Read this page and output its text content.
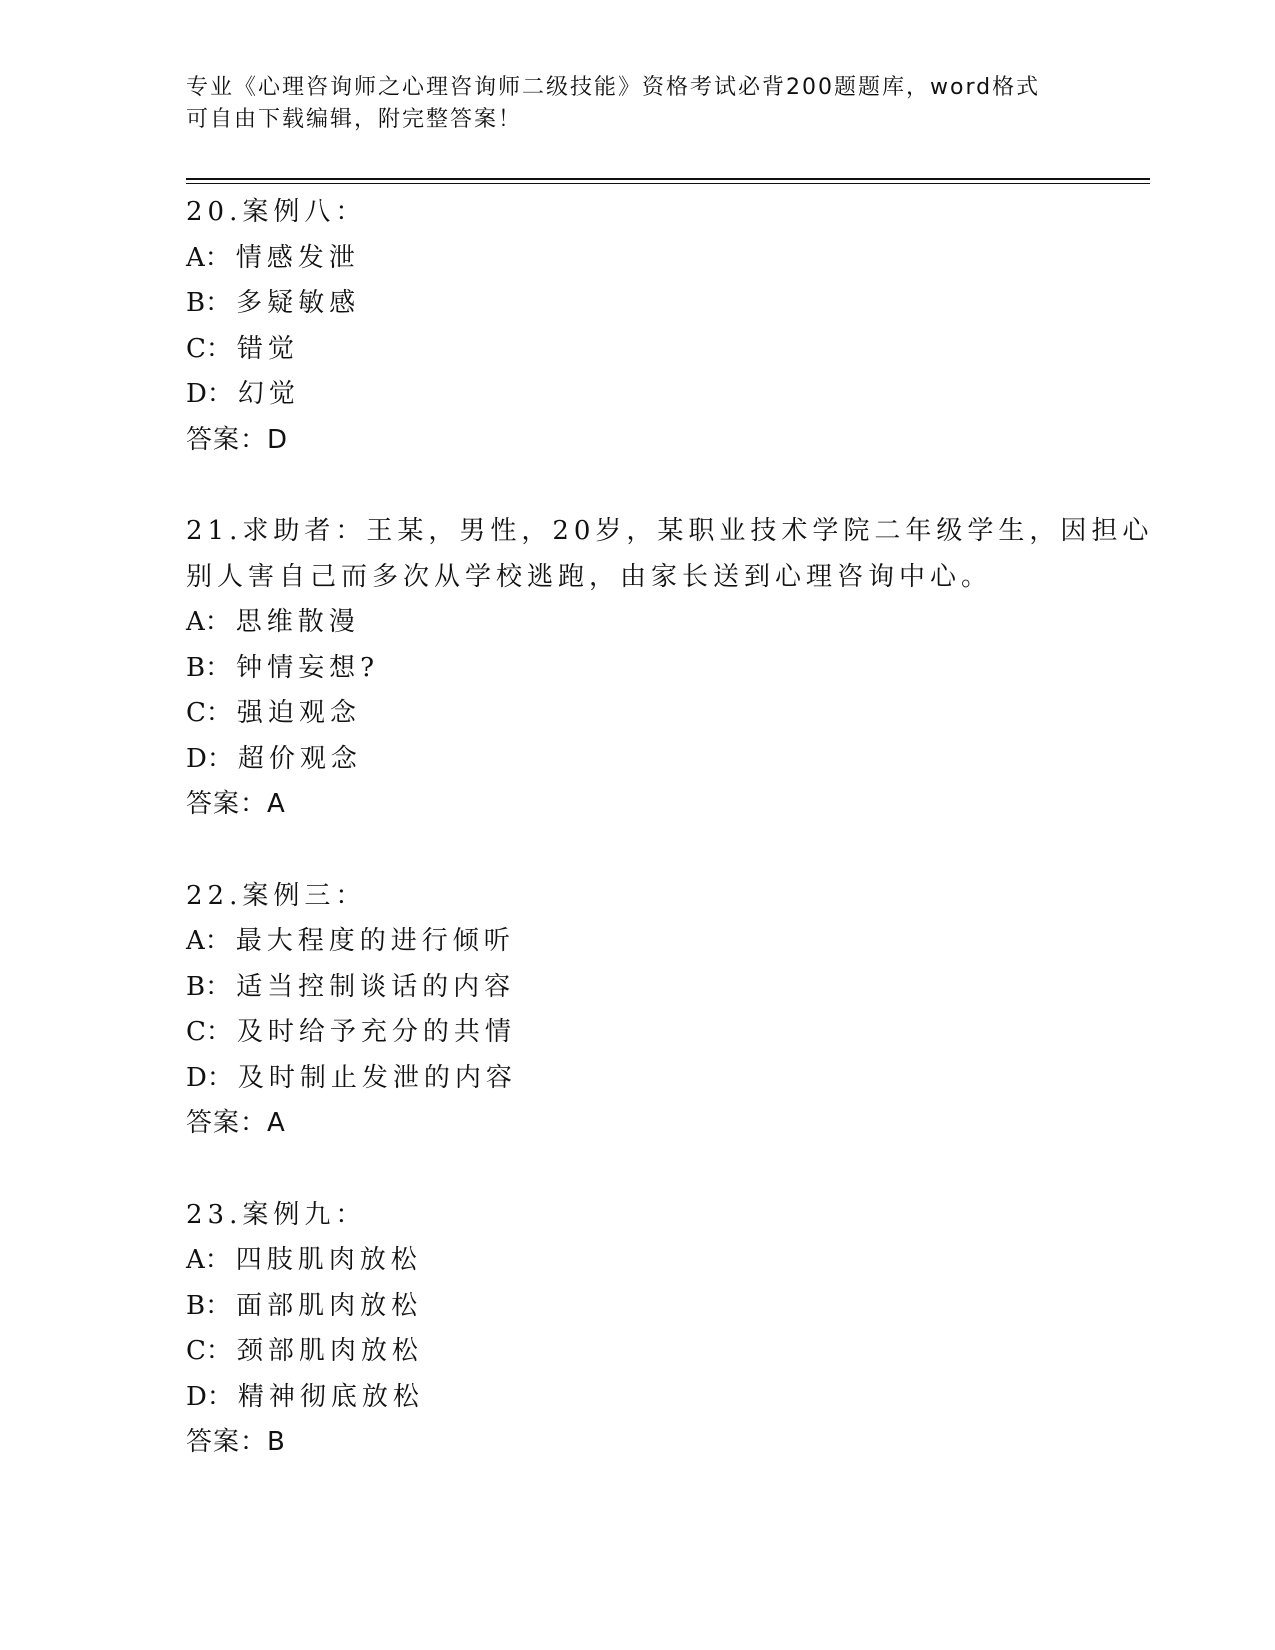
专业《心理咨询师之心理咨询师二级技能》资格考试必背200题题库，word格式
可自由下载编辑，附完整答案！
20.案例八：
A ： 情感发泄
B ： 多疑敏感
C ： 错觉
D ： 幻觉
答案：D
21.求助者：王某，男性，20岁，某职业技术学院二年级学生，因担心
别人害自己而多次从学校逃跑，由家长送到心理咨询中心。
A ： 思维散漫
B ： 钟情妄想?
C ： 强迫观念
D ： 超价观念
答案：A
22.案例三：
A ： 最大程度的进行倾听
B ： 适当控制谈话的内容
C ： 及时给予充分的共情
D ： 及时制止发泄的内容
答案：A
23.案例九：
A ： 四肢肌肉放松
B ： 面部肌肉放松
C ： 颈部肌肉放松
D ： 精神彻底放松
答案：B
